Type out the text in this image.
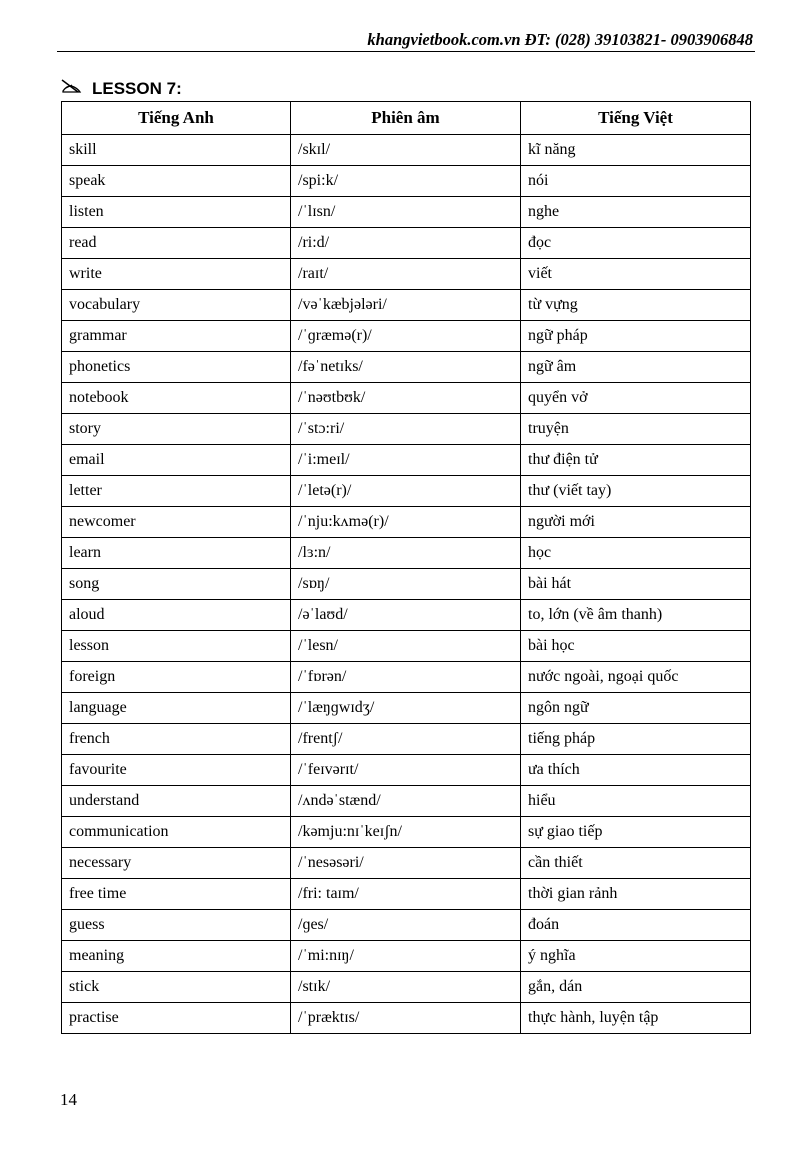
khangvietbook.com.vn ĐT: (028) 39103821- 0903906848
LESSON 7:
Tiếng Anh	Phiên âm	Tiếng Việt
skill	/skɪl/	kĩ năng
speak	/spi:k/	nói
listen	/ˈlɪsn/	nghe
read	/ri:d/	đọc
write	/raɪt/	viết
vocabulary	/vəˈkæbjələri/	từ vựng
grammar	/ˈɡræmə(r)/	ngữ pháp
phonetics	/fəˈnetɪks/	ngữ âm
notebook	/ˈnəʊtbʊk/	quyển vở
story	/ˈstɔ:ri/	truyện
email	/ˈi:meɪl/	thư điện tử
letter	/ˈletə(r)/	thư (viết tay)
newcomer	/ˈnju:kʌmə(r)/	người mới
learn	/lɜ:n/	học
song	/sɒŋ/	bài hát
aloud	/əˈlaʊd/	to, lớn (về âm thanh)
lesson	/ˈlesn/	bài học
foreign	/ˈfɒrən/	nước ngoài, ngoại quốc
language	/ˈlæŋɡwɪdʒ/	ngôn ngữ
french	/frentʃ/	tiếng pháp
favourite	/ˈfeɪvərɪt/	ưa thích
understand	/ʌndəˈstænd/	hiểu
communication	/kəmju:nɪˈkeɪʃn/	sự giao tiếp
necessary	/ˈnesəsəri/	cần thiết
free time	/fri: taɪm/	thời gian rảnh
guess	/ɡes/	đoán
meaning	/ˈmi:nɪŋ/	ý nghĩa
stick	/stɪk/	gắn, dán
practise	/ˈpræktɪs/	thực hành, luyện tập
14
